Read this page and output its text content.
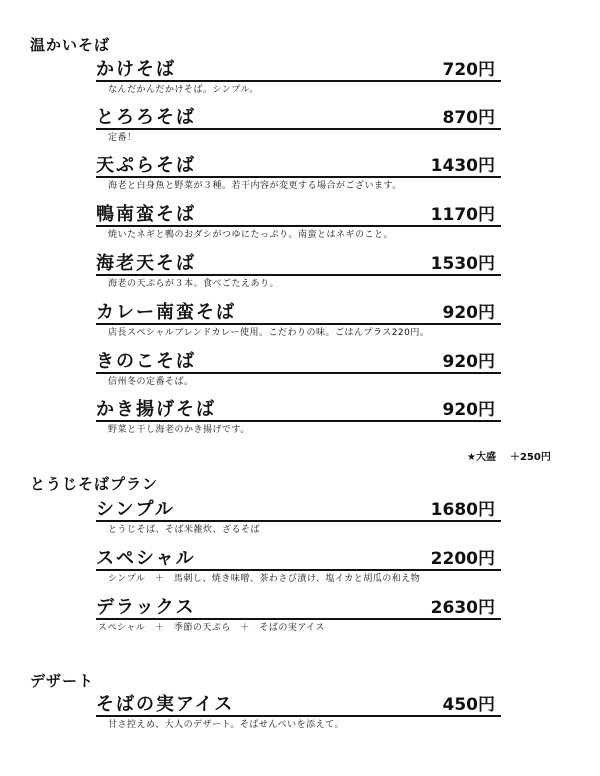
温かいそば
かけそば	720円
なんだかんだかけそば。シンプル。
とろろそば	870円
定番！
天ぷらそば	1430円
海老と白身魚と野菜が３種。若干内容が変更する場合がございます。
鴨南蛮そば	1170円
焼いたネギと鴨のおダシがつゆにたっぷり。南蛮とはネギのこと。
海老天そば	1530円
海老の天ぷらが３本。食べごたえあり。
カレー南蛮そば	920円
店長スペシャルブレンドカレー使用。こだわりの味。ごはんプラス220円。
きのこそば	920円
信州冬の定番そば。
かき揚げそば	920円
野菜と干し海老のかき揚げです。
★大盛 ＋250円
とうじそばプラン
シンプル	1680円
とうじそば、そば米雑炊、ざるそば
スペシャル	2200円
シンプル　＋　馬刺し、焼き味噌、茶わさび漬け、塩イカと胡瓜の和え物
デラックス	2630円
スペシャル　＋　季節の天ぷら　＋　そばの実アイス
デザート
そばの実アイス	450円
甘さ控えめ、大人のデザート。そばせんべいを添えて。
